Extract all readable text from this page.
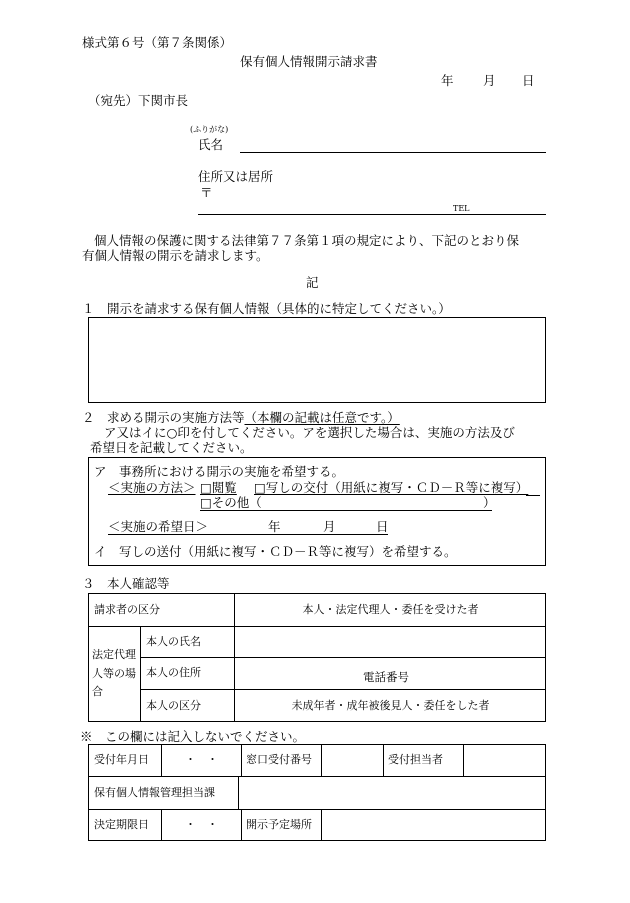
様式第６号（第７条関係）
保有個人情報開示請求書
年 月 日
（宛先）下関市長
(ふりがな)
氏名
住所又は居所
〒
TEL
個人情報の保護に関する法律第７７条第１項の規定により、下記のとおり保
有個人情報の開示を請求します。
記
１　開示を請求する保有個人情報（具体的に特定してください。）
２　求める開示の実施方法等（本欄の記載は任意です。）
ア又はイに○印を付してください。アを選択した場合は、実施の方法及び
希望日を記載してください。
ア　事務所における開示の実施を希望する。
＜実施の方法＞ □閲覧 □写しの交付（用紙に複写・ＣＤ－Ｒ等に複写）
□その他（	）
＜実施の希望日＞	年	月	日
イ　写しの送付（用紙に複写・ＣＤ－Ｒ等に複写）を希望する。
３　本人確認等
請求者の区分	本人・法定代理人・委任を受けた者
法定代理人等の場合
本人の氏名
本人の住所	電話番号
本人の区分	未成年者・成年被後見人・委任をした者
※　この欄には記入しないでください。
受付年月日	・　・	窓口受付番号	受付担当者
保有個人情報管理担当課
決定期限日	・　・	開示予定場所
